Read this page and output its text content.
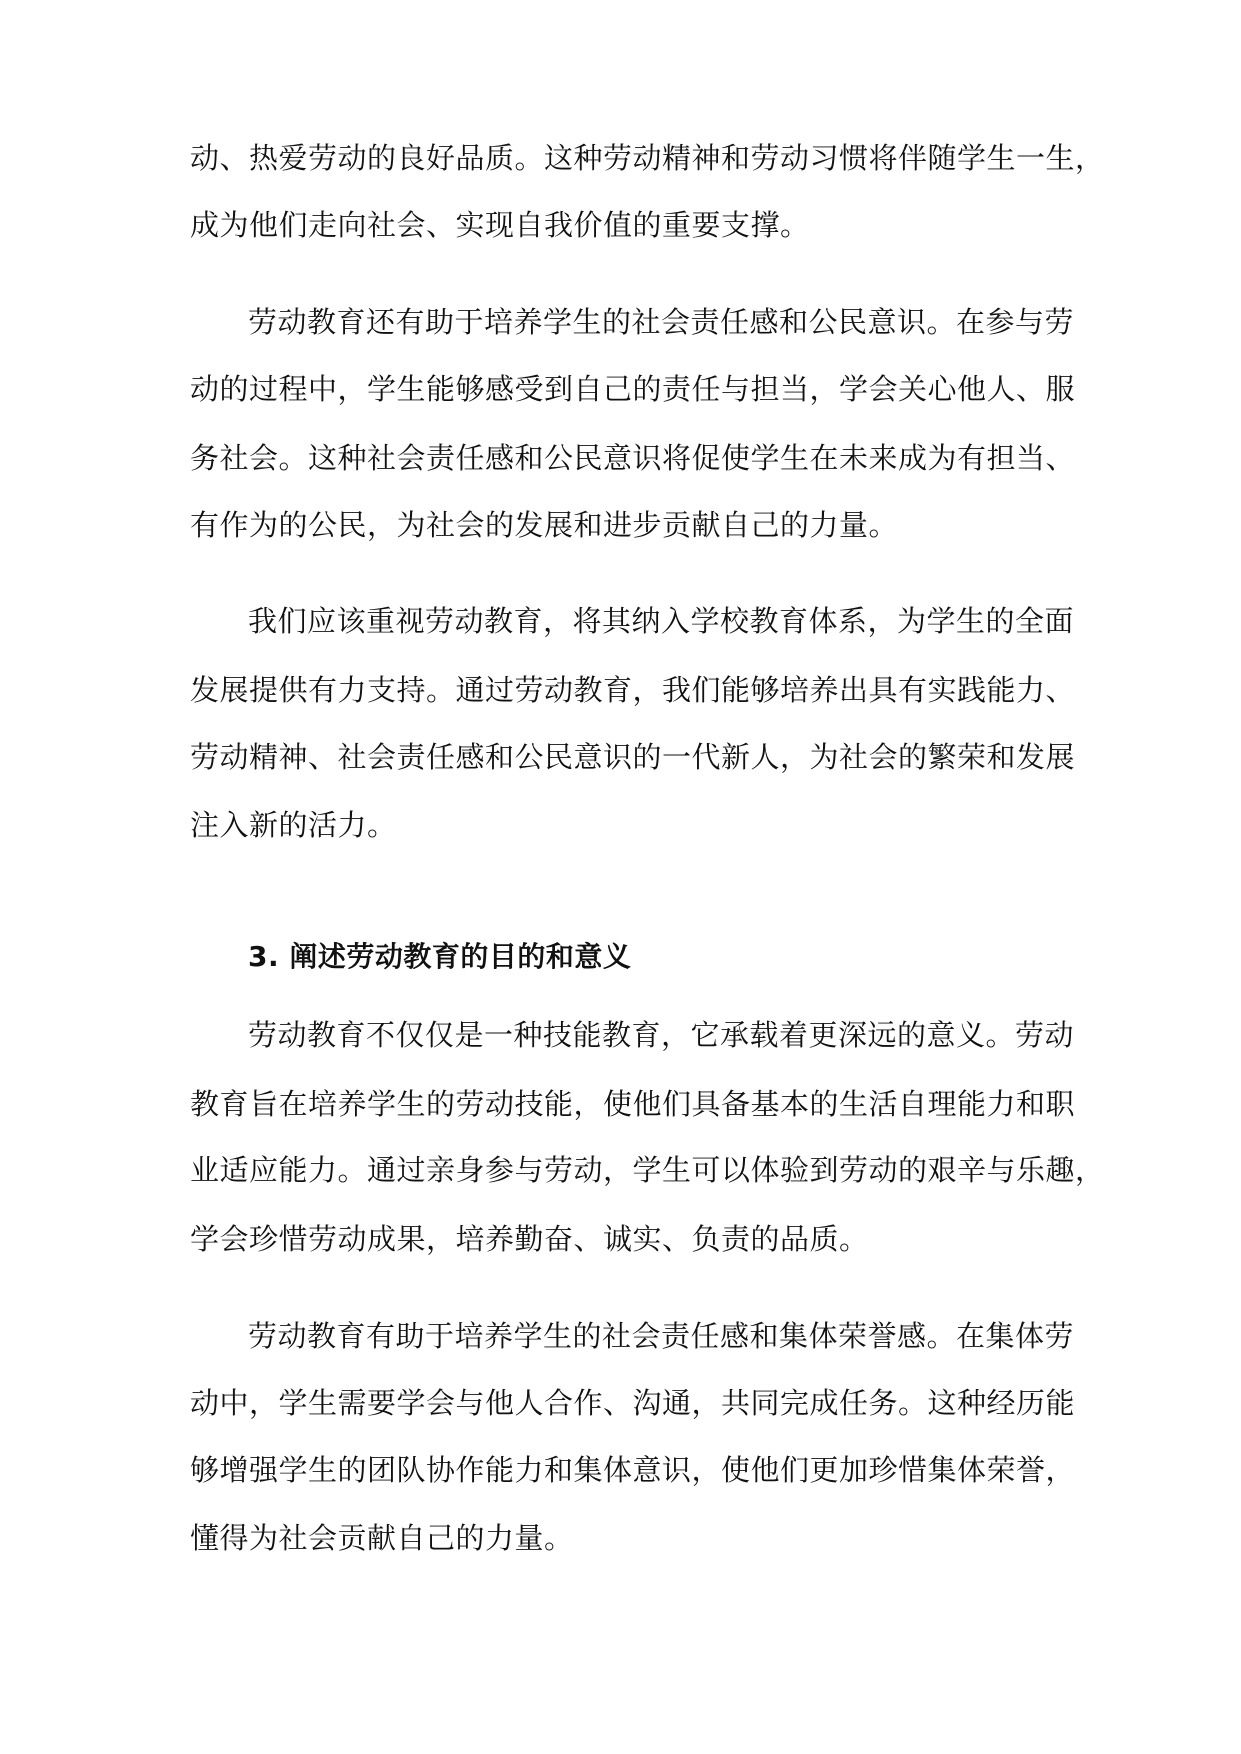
动、热爱劳动的良好品质。这种劳动精神和劳动习惯将伴随学生一生，
成为他们走向社会、实现自我价值的重要支撑。
劳动教育还有助于培养学生的社会责任感和公民意识。在参与劳
动的过程中，学生能够感受到自己的责任与担当，学会关心他人、服
务社会。这种社会责任感和公民意识将促使学生在未来成为有担当、
有作为的公民，为社会的发展和进步贡献自己的力量。
我们应该重视劳动教育，将其纳入学校教育体系，为学生的全面
发展提供有力支持。通过劳动教育，我们能够培养出具有实践能力、
劳动精神、社会责任感和公民意识的一代新人，为社会的繁荣和发展
注入新的活力。
3. 阐述劳动教育的目的和意义
劳动教育不仅仅是一种技能教育，它承载着更深远的意义。劳动
教育旨在培养学生的劳动技能，使他们具备基本的生活自理能力和职
业适应能力。通过亲身参与劳动，学生可以体验到劳动的艰辛与乐趣，
学会珍惜劳动成果，培养勤奋、诚实、负责的品质。
劳动教育有助于培养学生的社会责任感和集体荣誉感。在集体劳
动中，学生需要学会与他人合作、沟通，共同完成任务。这种经历能
够增强学生的团队协作能力和集体意识，使他们更加珍惜集体荣誉，
懂得为社会贡献自己的力量。
